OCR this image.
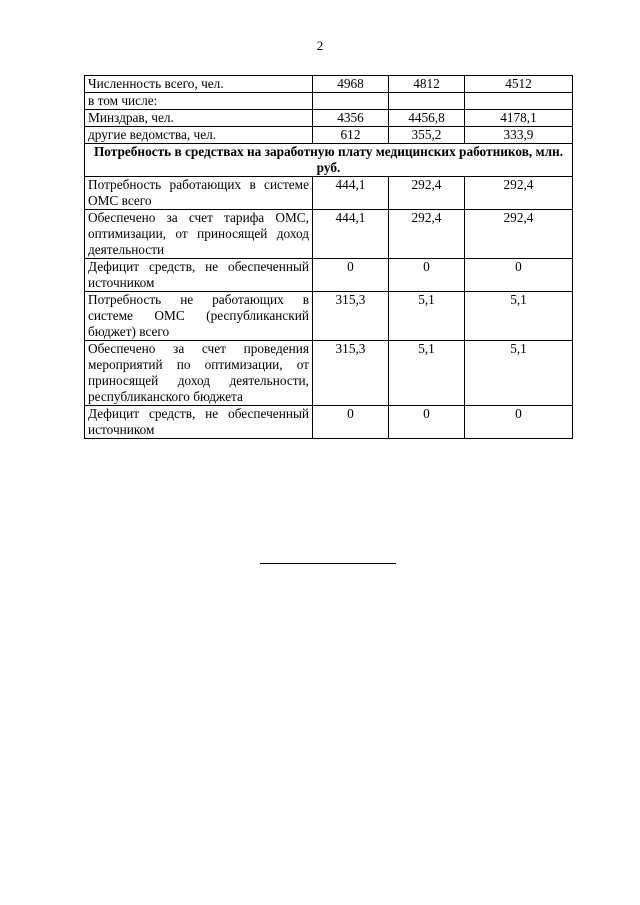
2
Численность всего, чел.	4968	4812	4512
в том числе:			
Минздрав, чел.	4356	4456,8	4178,1
другие ведомства, чел.	612	355,2	333,9
Потребность в средствах на заработную плату медицинских работников, млн. руб.			
Потребность работающих в системе ОМС всего	444,1	292,4	292,4
Обеспечено за счет тарифа ОМС, оптимизации, от приносящей доход деятельности	444,1	292,4	292,4
Дефицит средств, не обеспеченный источником	0	0	0
Потребность не работающих в системе ОМС (республиканский бюджет) всего	315,3	5,1	5,1
Обеспечено за счет проведения мероприятий по оптимизации, от приносящей доход деятельности, республиканского бюджета	315,3	5,1	5,1
Дефицит средств, не обеспеченный источником	0	0	0
